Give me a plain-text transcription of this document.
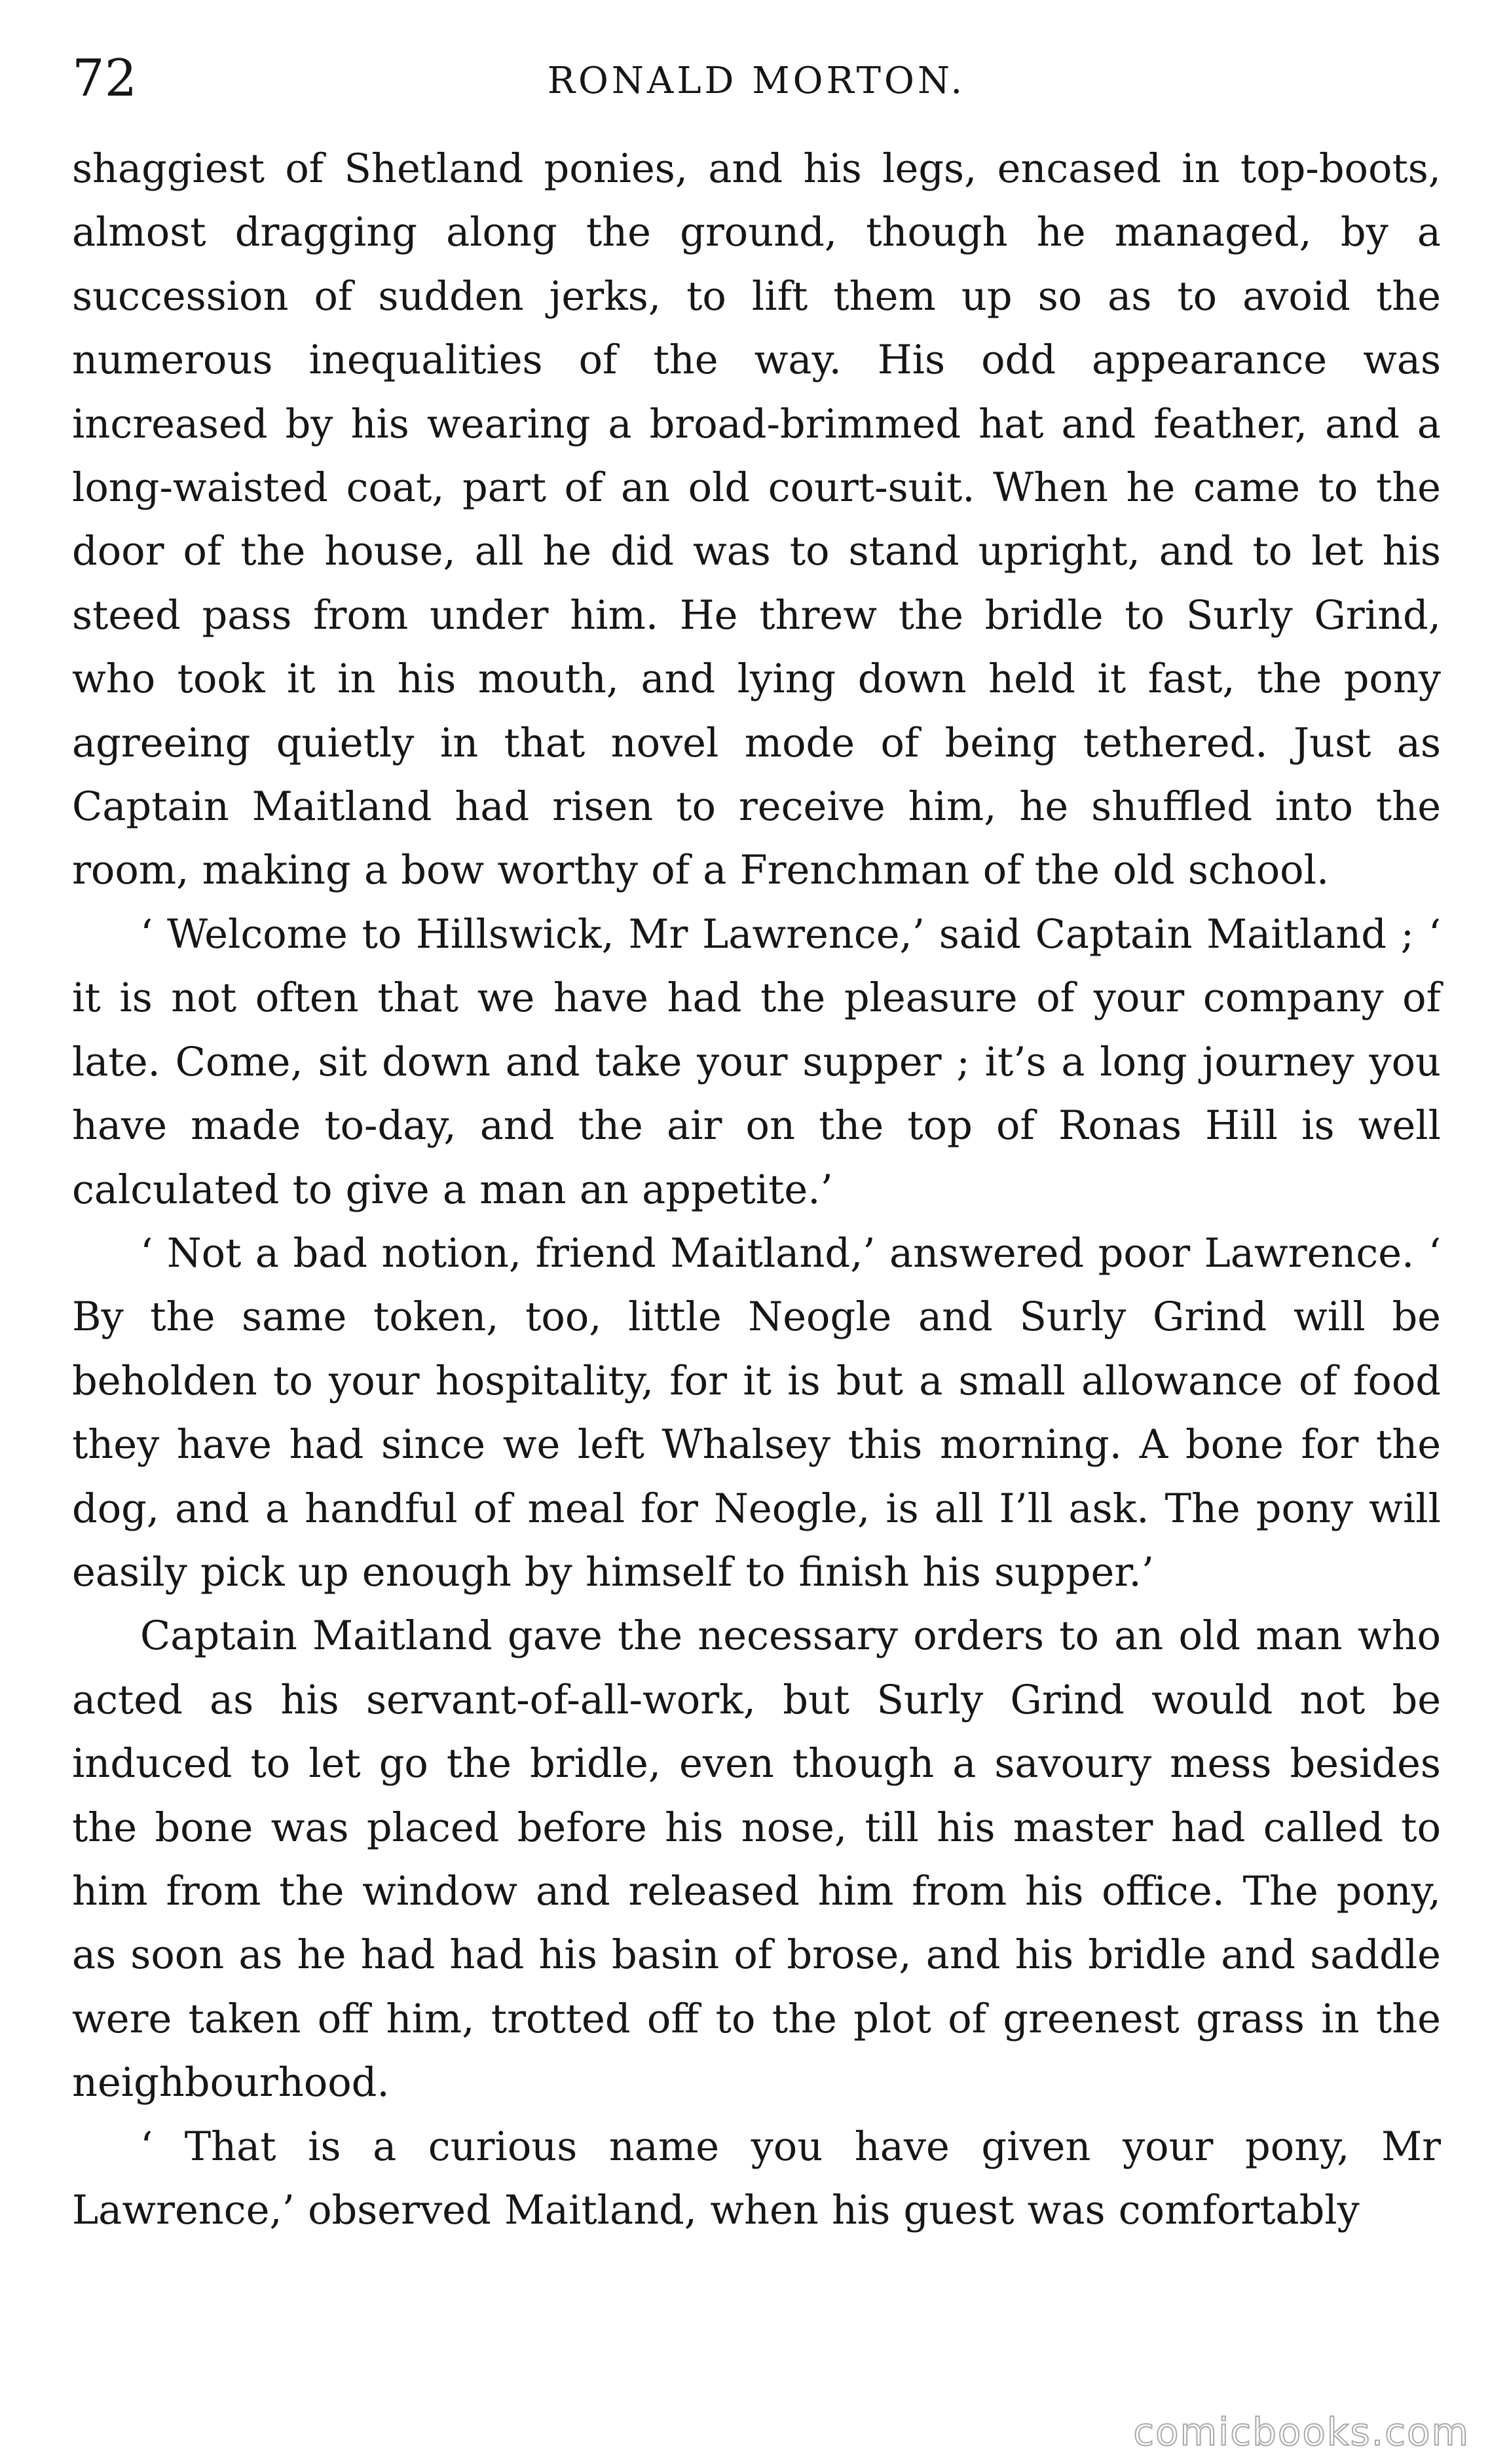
72	RONALD MORTON.

shaggiest of Shetland ponies, and his legs, encased in top-boots, almost dragging along the ground, though he managed, by a succession of sudden jerks, to lift them up so as to avoid the numerous inequalities of the way. His odd appearance was increased by his wearing a broad-brimmed hat and feather, and a long-waisted coat, part of an old court-suit. When he came to the door of the house, all he did was to stand upright, and to let his steed pass from under him. He threw the bridle to Surly Grind, who took it in his mouth, and lying down held it fast, the pony agreeing quietly in that novel mode of being tethered. Just as Captain Maitland had risen to receive him, he shuffled into the room, making a bow worthy of a Frenchman of the old school.

‘ Welcome to Hillswick, Mr Lawrence,’ said Captain Maitland ; ‘ it is not often that we have had the pleasure of your company of late. Come, sit down and take your supper ; it’s a long journey you have made to-day, and the air on the top of Ronas Hill is well calculated to give a man an appetite.’

‘ Not a bad notion, friend Maitland,’ answered poor Lawrence. ‘ By the same token, too, little Neogle and Surly Grind will be beholden to your hospitality, for it is but a small allowance of food they have had since we left Whalsey this morning. A bone for the dog, and a handful of meal for Neogle, is all I’ll ask. The pony will easily pick up enough by himself to finish his supper.’

Captain Maitland gave the necessary orders to an old man who acted as his servant-of-all-work, but Surly Grind would not be induced to let go the bridle, even though a savoury mess besides the bone was placed before his nose, till his master had called to him from the window and released him from his office. The pony, as soon as he had had his basin of brose, and his bridle and saddle were taken off him, trotted off to the plot of greenest grass in the neighbourhood.

‘ That is a curious name you have given your pony, Mr Lawrence,’ observed Maitland, when his guest was comfortably

comicbooks.com
